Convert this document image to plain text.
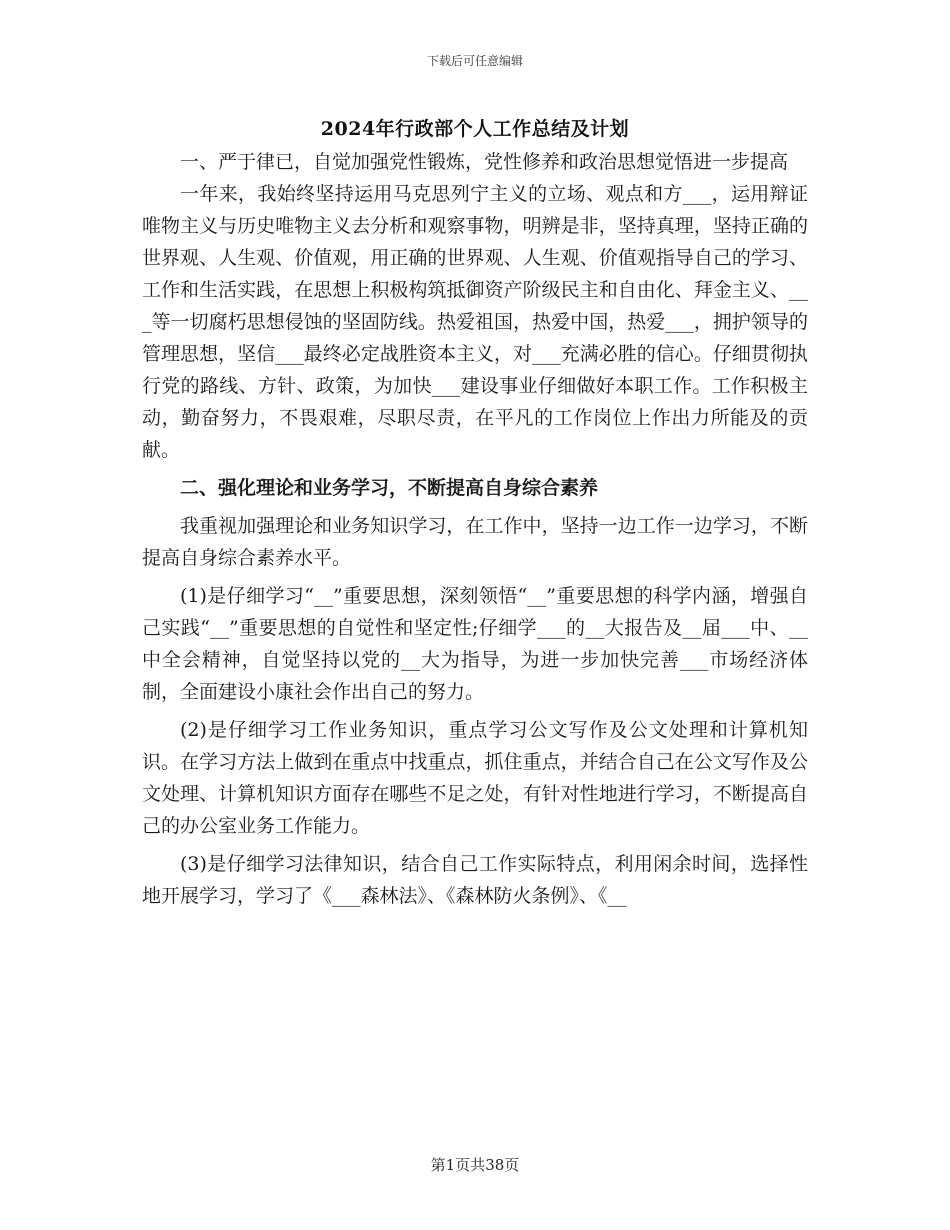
下载后可任意编辑
2024年行政部个人工作总结及计划

一、严于律已，自觉加强党性锻炼，党性修养和政治思想觉悟进一步提高

一年来，我始终坚持运用马克思列宁主义的立场、观点和方___，运用辩证唯物主义与历史唯物主义去分析和观察事物，明辨是非，坚持真理，坚持正确的世界观、人生观、价值观，用正确的世界观、人生观、价值观指导自己的学习、工作和生活实践，在思想上积极构筑抵御资产阶级民主和自由化、拜金主义、___等一切腐朽思想侵蚀的坚固防线。热爱祖国，热爱中国，热爱___，拥护领导的管理思想，坚信___最终必定战胜资本主义，对___充满必胜的信心。仔细贯彻执行党的路线、方针、政策，为加快___建设事业仔细做好本职工作。工作积极主动，勤奋努力，不畏艰难，尽职尽责，在平凡的工作岗位上作出力所能及的贡献。

二、强化理论和业务学习，不断提高自身综合素养

我重视加强理论和业务知识学习，在工作中，坚持一边工作一边学习，不断提高自身综合素养水平。

(1)是仔细学习“__”重要思想，深刻领悟“__”重要思想的科学内涵，增强自己实践“__”重要思想的自觉性和坚定性;仔细学___的__大报告及__届___中、__中全会精神，自觉坚持以党的__大为指导，为进一步加快完善___市场经济体制，全面建设小康社会作出自己的努力。

(2)是仔细学习工作业务知识，重点学习公文写作及公文处理和计算机知识。在学习方法上做到在重点中找重点，抓住重点，并结合自己在公文写作及公文处理、计算机知识方面存在哪些不足之处，有针对性地进行学习，不断提高自己的办公室业务工作能力。

(3)是仔细学习法律知识，结合自己工作实际特点，利用闲余时间，选择性地开展学习，学习了《___森林法》、《森林防火条例》、《__

第1页共38页
